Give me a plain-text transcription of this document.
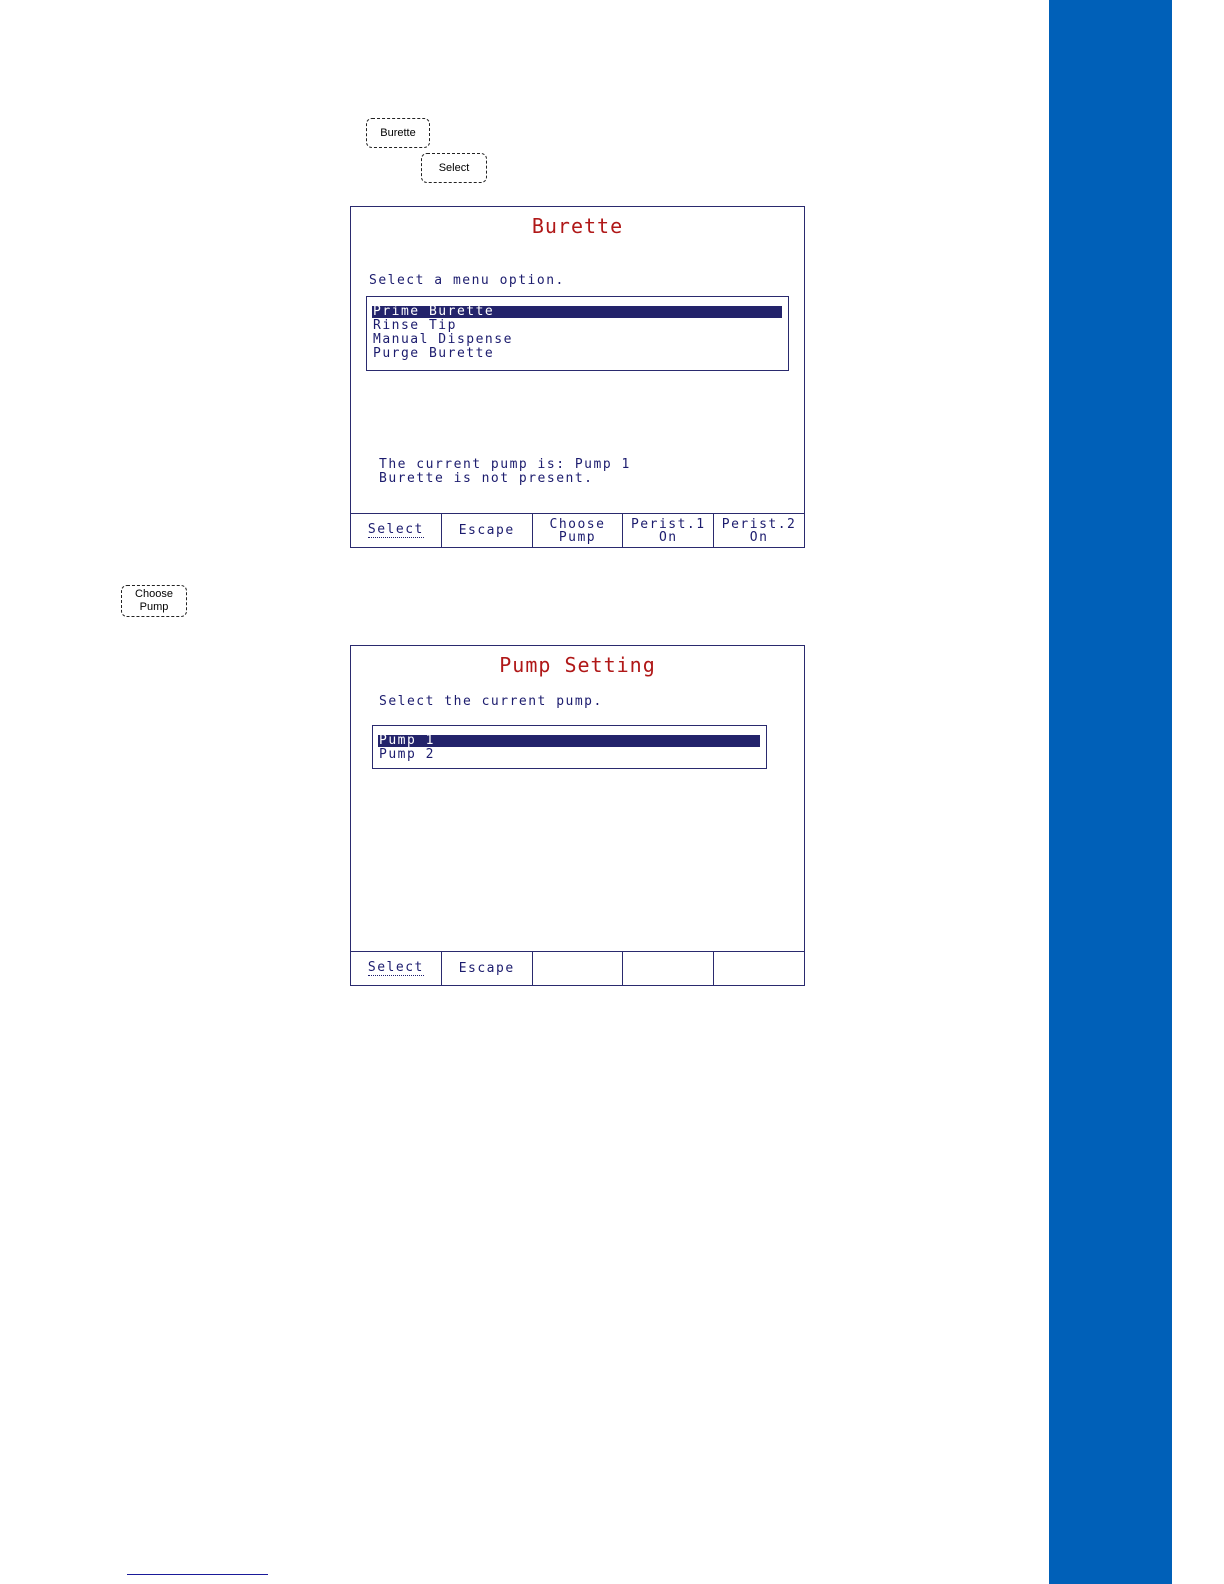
Burette
Select
Choose
Pump
Burette
Select a menu option.
Prime Burette
Rinse Tip
Manual Dispense
Purge Burette
The current pump is: Pump 1
Burette is not present.
Select	Escape	Choose
Pump
Perist.1
On
Perist.2
On
Pump Setting
Select the current pump.
Pump 1
Pump 2
Select	Escape
